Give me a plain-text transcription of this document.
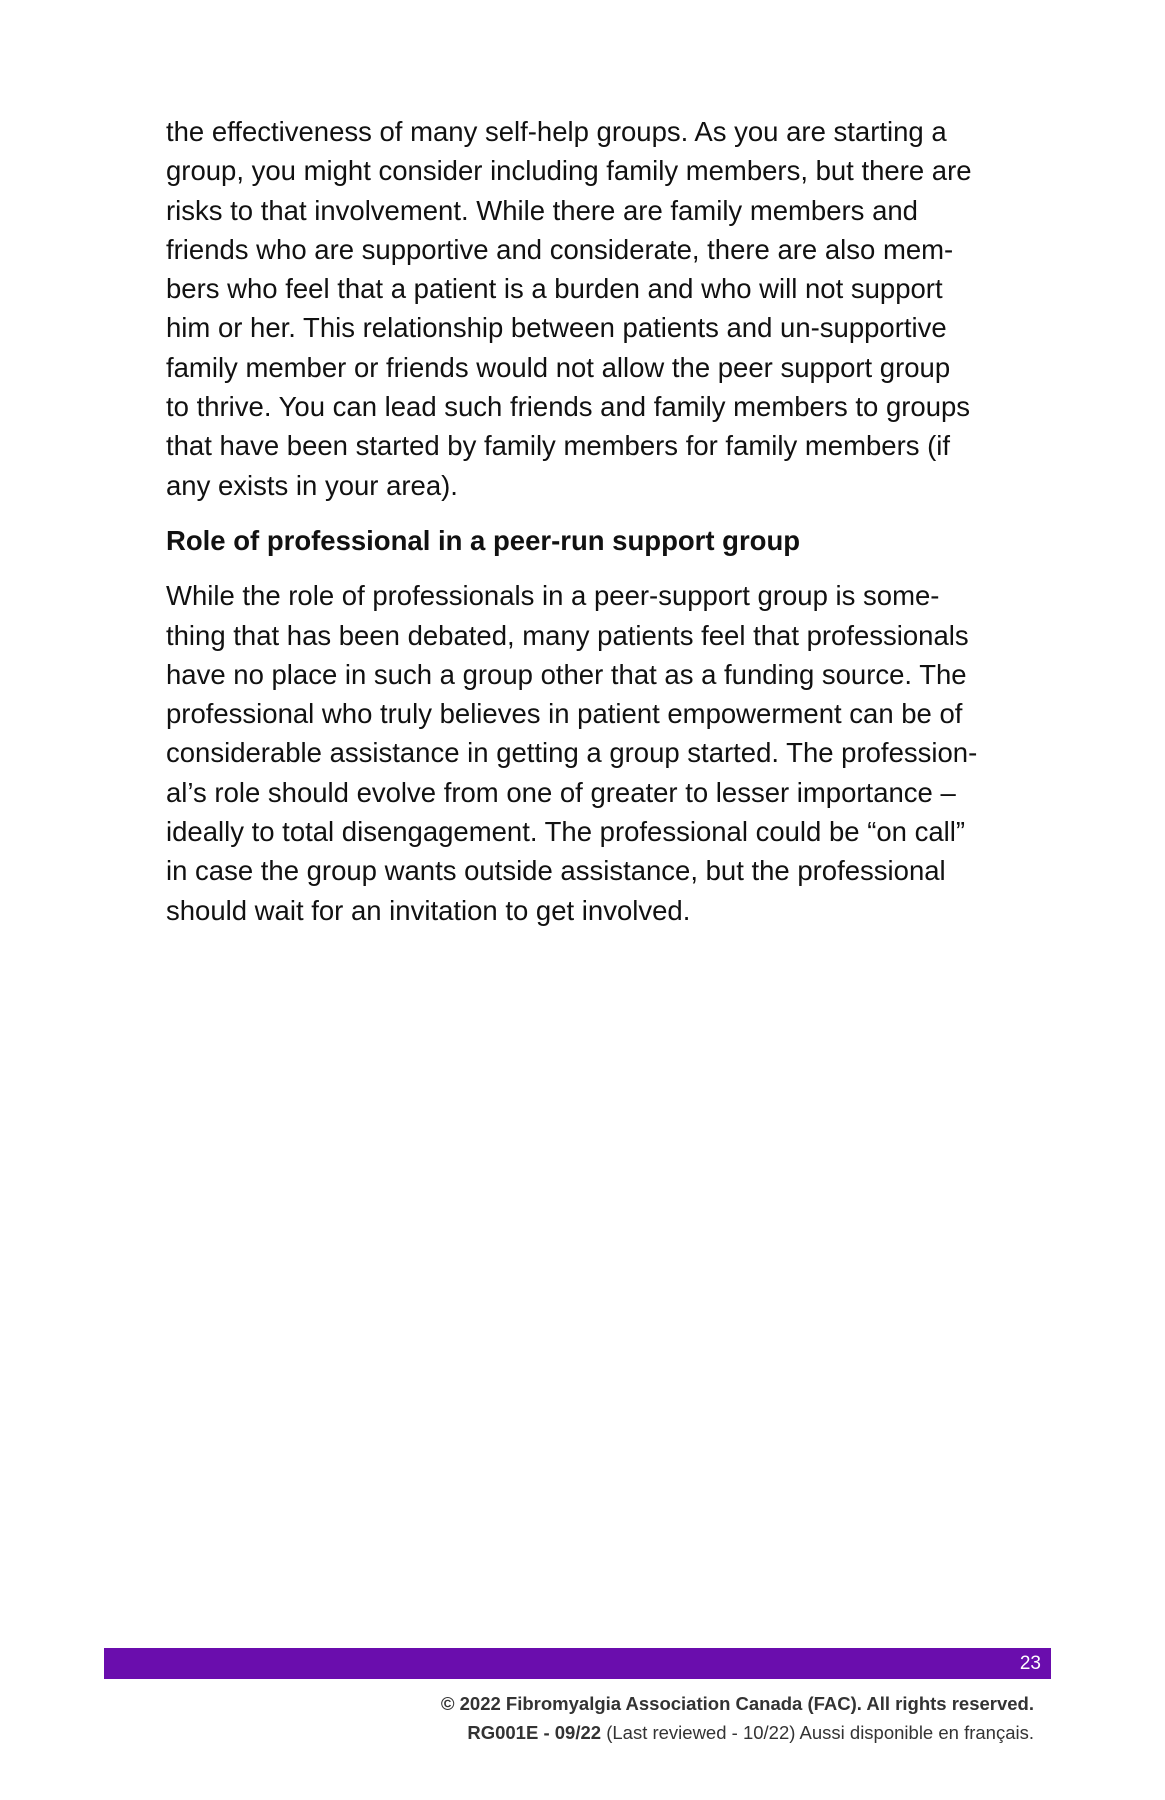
the effectiveness of many self-help groups. As you are starting a
group, you might consider including family members, but there are
risks to that involvement. While there are family members and
friends who are supportive and considerate, there are also mem-
bers who feel that a patient is a burden and who will not support
him or her. This relationship between patients and un-supportive
family member or friends would not allow the peer support group
to thrive. You can lead such friends and family members to groups
that have been started by family members for family members (if
any exists in your area).

Role of professional in a peer-run support group

While the role of professionals in a peer-support group is some-
thing that has been debated, many patients feel that professionals
have no place in such a group other that as a funding source. The
professional who truly believes in patient empowerment can be of
considerable assistance in getting a group started. The profession-
al’s role should evolve from one of greater to lesser importance –
ideally to total disengagement. The professional could be “on call”
in case the group wants outside assistance, but the professional
should wait for an invitation to get involved.

23
© 2022 Fibromyalgia Association Canada (FAC). All rights reserved.
RG001E - 09/22 (Last reviewed - 10/22) Aussi disponible en français.
